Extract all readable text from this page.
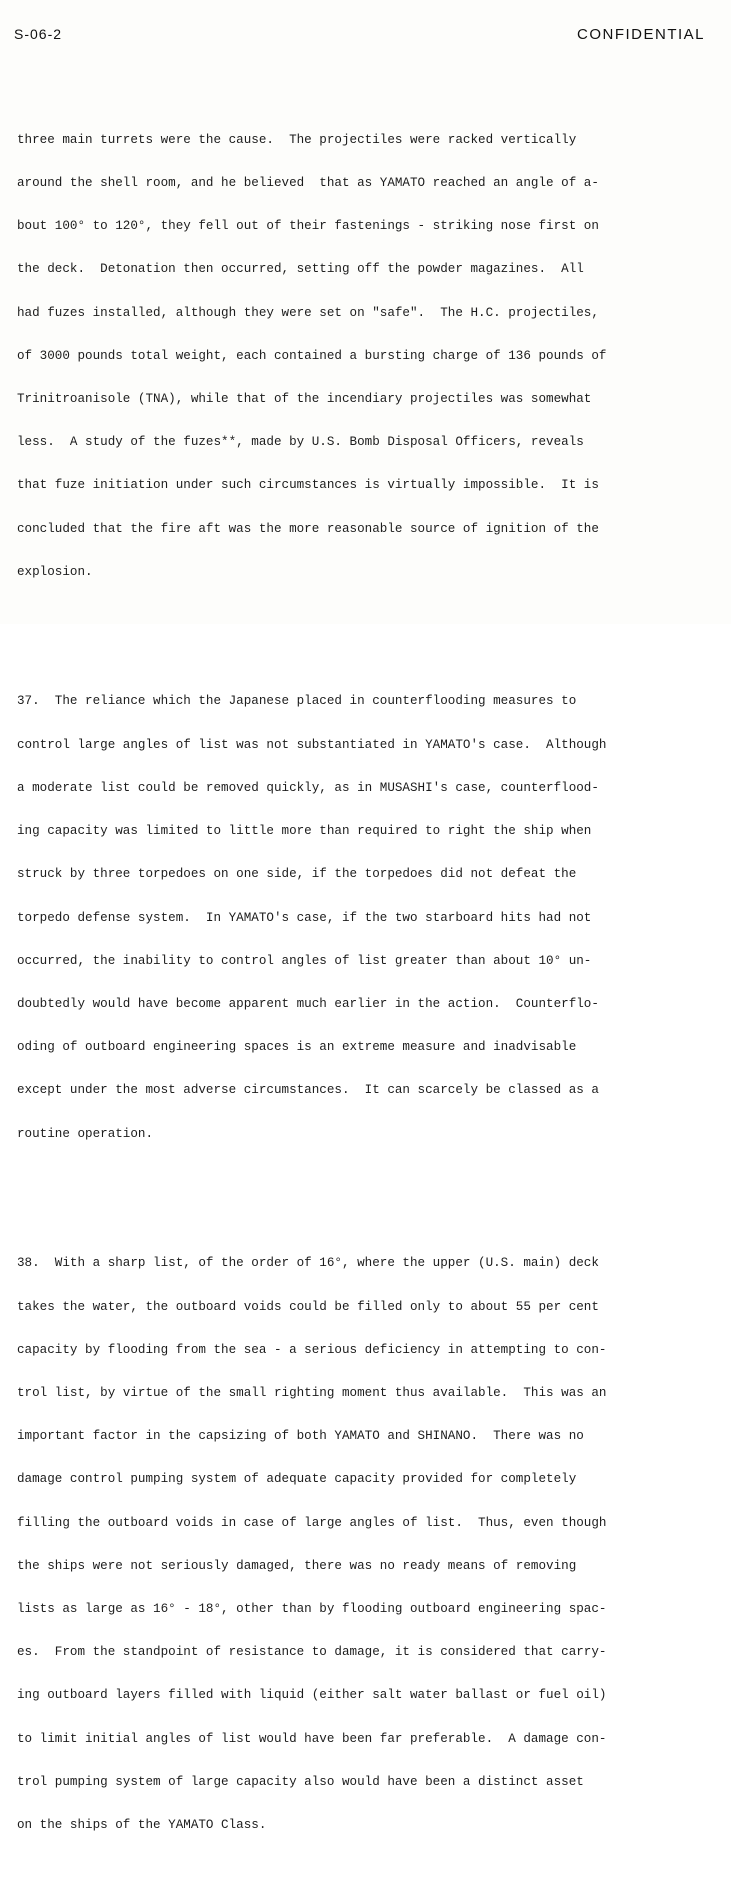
S-06-2	CONFIDENTIAL

three main turrets were the cause.  The projectiles were racked vertically

around the shell room, and he believed  that as YAMATO reached an angle of a-

bout 100° to 120°, they fell out of their fastenings - striking nose first on

the deck.  Detonation then occurred, setting off the powder magazines.  All

had fuzes installed, although they were set on "safe".  The H.C. projectiles,

of 3000 pounds total weight, each contained a bursting charge of 136 pounds of

Trinitroanisole (TNA), while that of the incendiary projectiles was somewhat

less.  A study of the fuzes**, made by U.S. Bomb Disposal Officers, reveals

that fuze initiation under such circumstances is virtually impossible.  It is

concluded that the fire aft was the more reasonable source of ignition of the

explosion.

37.  The reliance which the Japanese placed in counterflooding measures to

control large angles of list was not substantiated in YAMATO's case.  Although

a moderate list could be removed quickly, as in MUSASHI's case, counterflood-

ing capacity was limited to little more than required to right the ship when

struck by three torpedoes on one side, if the torpedoes did not defeat the

torpedo defense system.  In YAMATO's case, if the two starboard hits had not

occurred, the inability to control angles of list greater than about 10° un-

doubtedly would have become apparent much earlier in the action.  Counterflo-

oding of outboard engineering spaces is an extreme measure and inadvisable

except under the most adverse circumstances.  It can scarcely be classed as a

routine operation.

38.  With a sharp list, of the order of 16°, where the upper (U.S. main) deck

takes the water, the outboard voids could be filled only to about 55 per cent

capacity by flooding from the sea - a serious deficiency in attempting to con-

trol list, by virtue of the small righting moment thus available.  This was an

important factor in the capsizing of both YAMATO and SHINANO.  There was no

damage control pumping system of adequate capacity provided for completely

filling the outboard voids in case of large angles of list.  Thus, even though

the ships were not seriously damaged, there was no ready means of removing

lists as large as 16° - 18°, other than by flooding outboard engineering spac-

es.  From the standpoint of resistance to damage, it is considered that carry-

ing outboard layers filled with liquid (either salt water ballast or fuel oil)

to limit initial angles of list would have been far preferable.  A damage con-

trol pumping system of large capacity also would have been a distinct asset

on the ships of the YAMATO Class.
